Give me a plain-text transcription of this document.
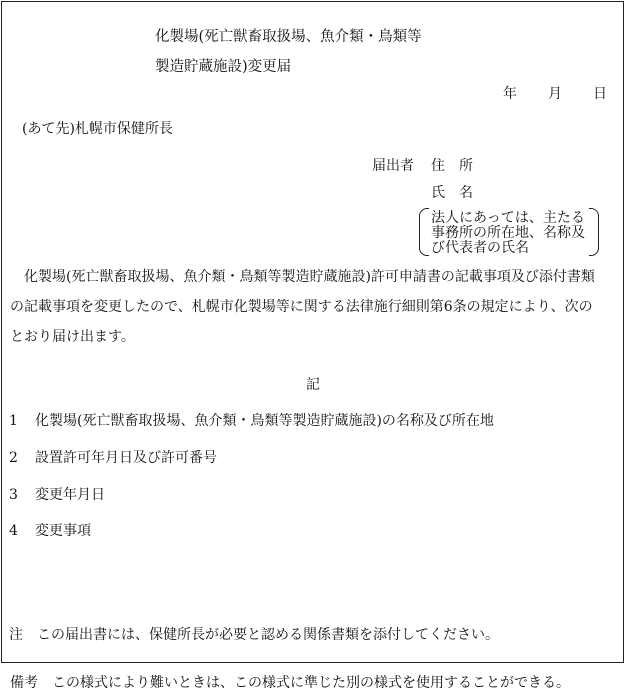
化製場(死亡獣畜取扱場、魚介類・鳥類等
製造貯蔵施設)変更届
年 月 日
(あて先)札幌市保健所長
届出者 住　所
氏　名
法人にあっては、主たる
事務所の所在地、名称及
び代表者の氏名
　化製場(死亡獣畜取扱場、魚介類・鳥類等製造貯蔵施設)許可申請書の記載事項及び添付書類
の記載事項を変更したので、札幌市化製場等に関する法律施行細則第6条の規定により、次の
とおり届け出ます。
記
1 化製場(死亡獣畜取扱場、魚介類・鳥類等製造貯蔵施設)の名称及び所在地
2 設置許可年月日及び許可番号
3 変更年月日
4 変更事項
注　この届出書には、保健所長が必要と認める関係書類を添付してください。
備考　この様式により難いときは、この様式に準じた別の様式を使用することができる。
